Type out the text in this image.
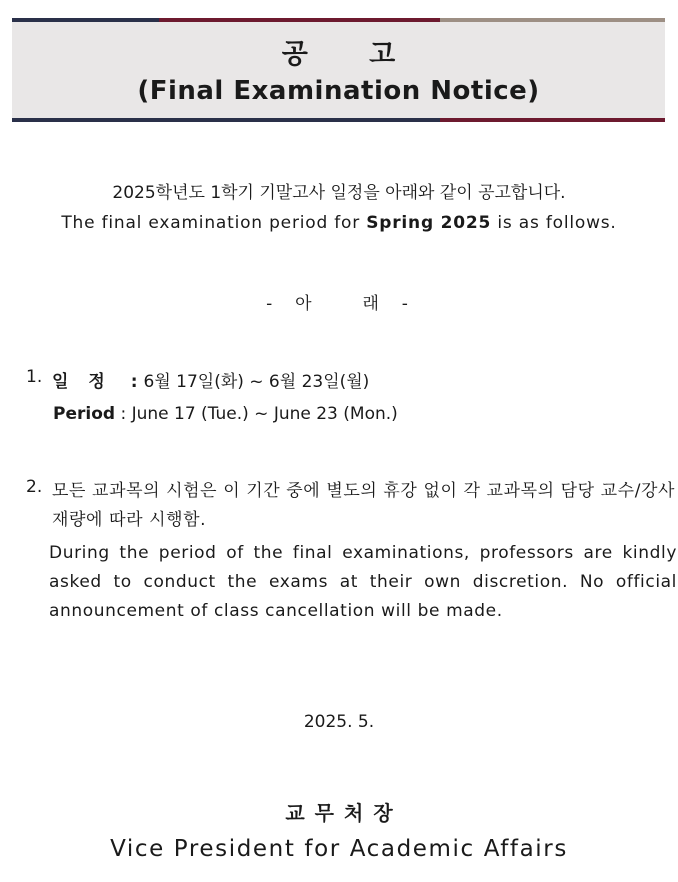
공 고
(Final Examination Notice)
2025학년도 1학기 기말고사 일정을 아래와 같이 공고합니다.
The final examination period for Spring 2025 is as follows.
-  아     래  -
1. 일정 : 6월 17일(화) ~ 6월 23일(월)
Period : June 17 (Tue.) ~ June 23 (Mon.)
2. 모든 교과목의 시험은 이 기간 중에 별도의 휴강 없이 각 교과목의 담당 교수/강사 재량에 따라 시행함.
During the period of the final examinations, professors are kindly asked to conduct the exams at their own discretion. No official announcement of class cancellation will be made.
2025. 5.
교무처장
Vice President for Academic Affairs
